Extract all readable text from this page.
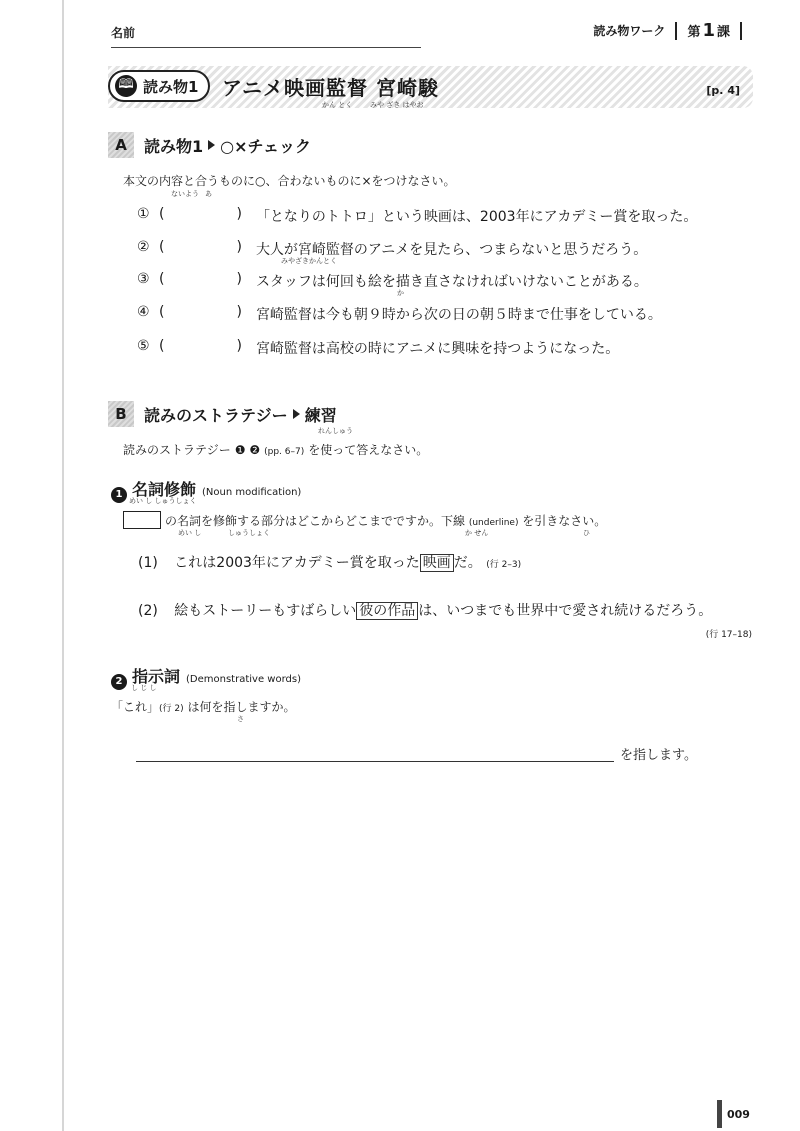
名前	読み物ワーク 第 1 課
🕮 読み物1 アニメ映画監督 宮崎駿
かん とく	みや ざき はやお
[p. 4]
A	読み物1 ○×チェック
本文の内容と合うものに○、合わないものに×をつけなさい。
ないよう あ
① (	) 「となりのトトロ」という映画は、2003年にアカデミー賞を取った。
② (	) 大人が宮崎監督のアニメを見たら、つまらないと思うだろう。
みやざきかんとく
③ (	) スタッフは何回も絵を描き直さなければいけないことがある。
か
④ (	) 宮崎監督は今も朝９時から次の日の朝５時まで仕事をしている。
⑤ (	) 宮崎監督は高校の時にアニメに興味を持つようになった。
B	読みのストラテジー 練習
れんしゅう
読みのストラテジー ❶ ❷ (pp. 6–7) を使って答えなさい。
1 名詞修飾 (Noun modification)
めい し しゅうしょく
の名詞を修飾する部分はどこからどこまでですか。下線 (underline) を引きなさい。
めい し	しゅうしょく	か せん	ひ
(1) これは2003年にアカデミー賞を取った 映画 だ。 (行 2–3)
(2) 絵もストーリーもすばらしい 彼の作品 は、いつまでも世界中で愛され続けるだろう。
(行 17–18)
2 指示詞 (Demonstrative words)
し じ し
「これ」(行 2) は何を指しますか。
さ
を指します。
009
